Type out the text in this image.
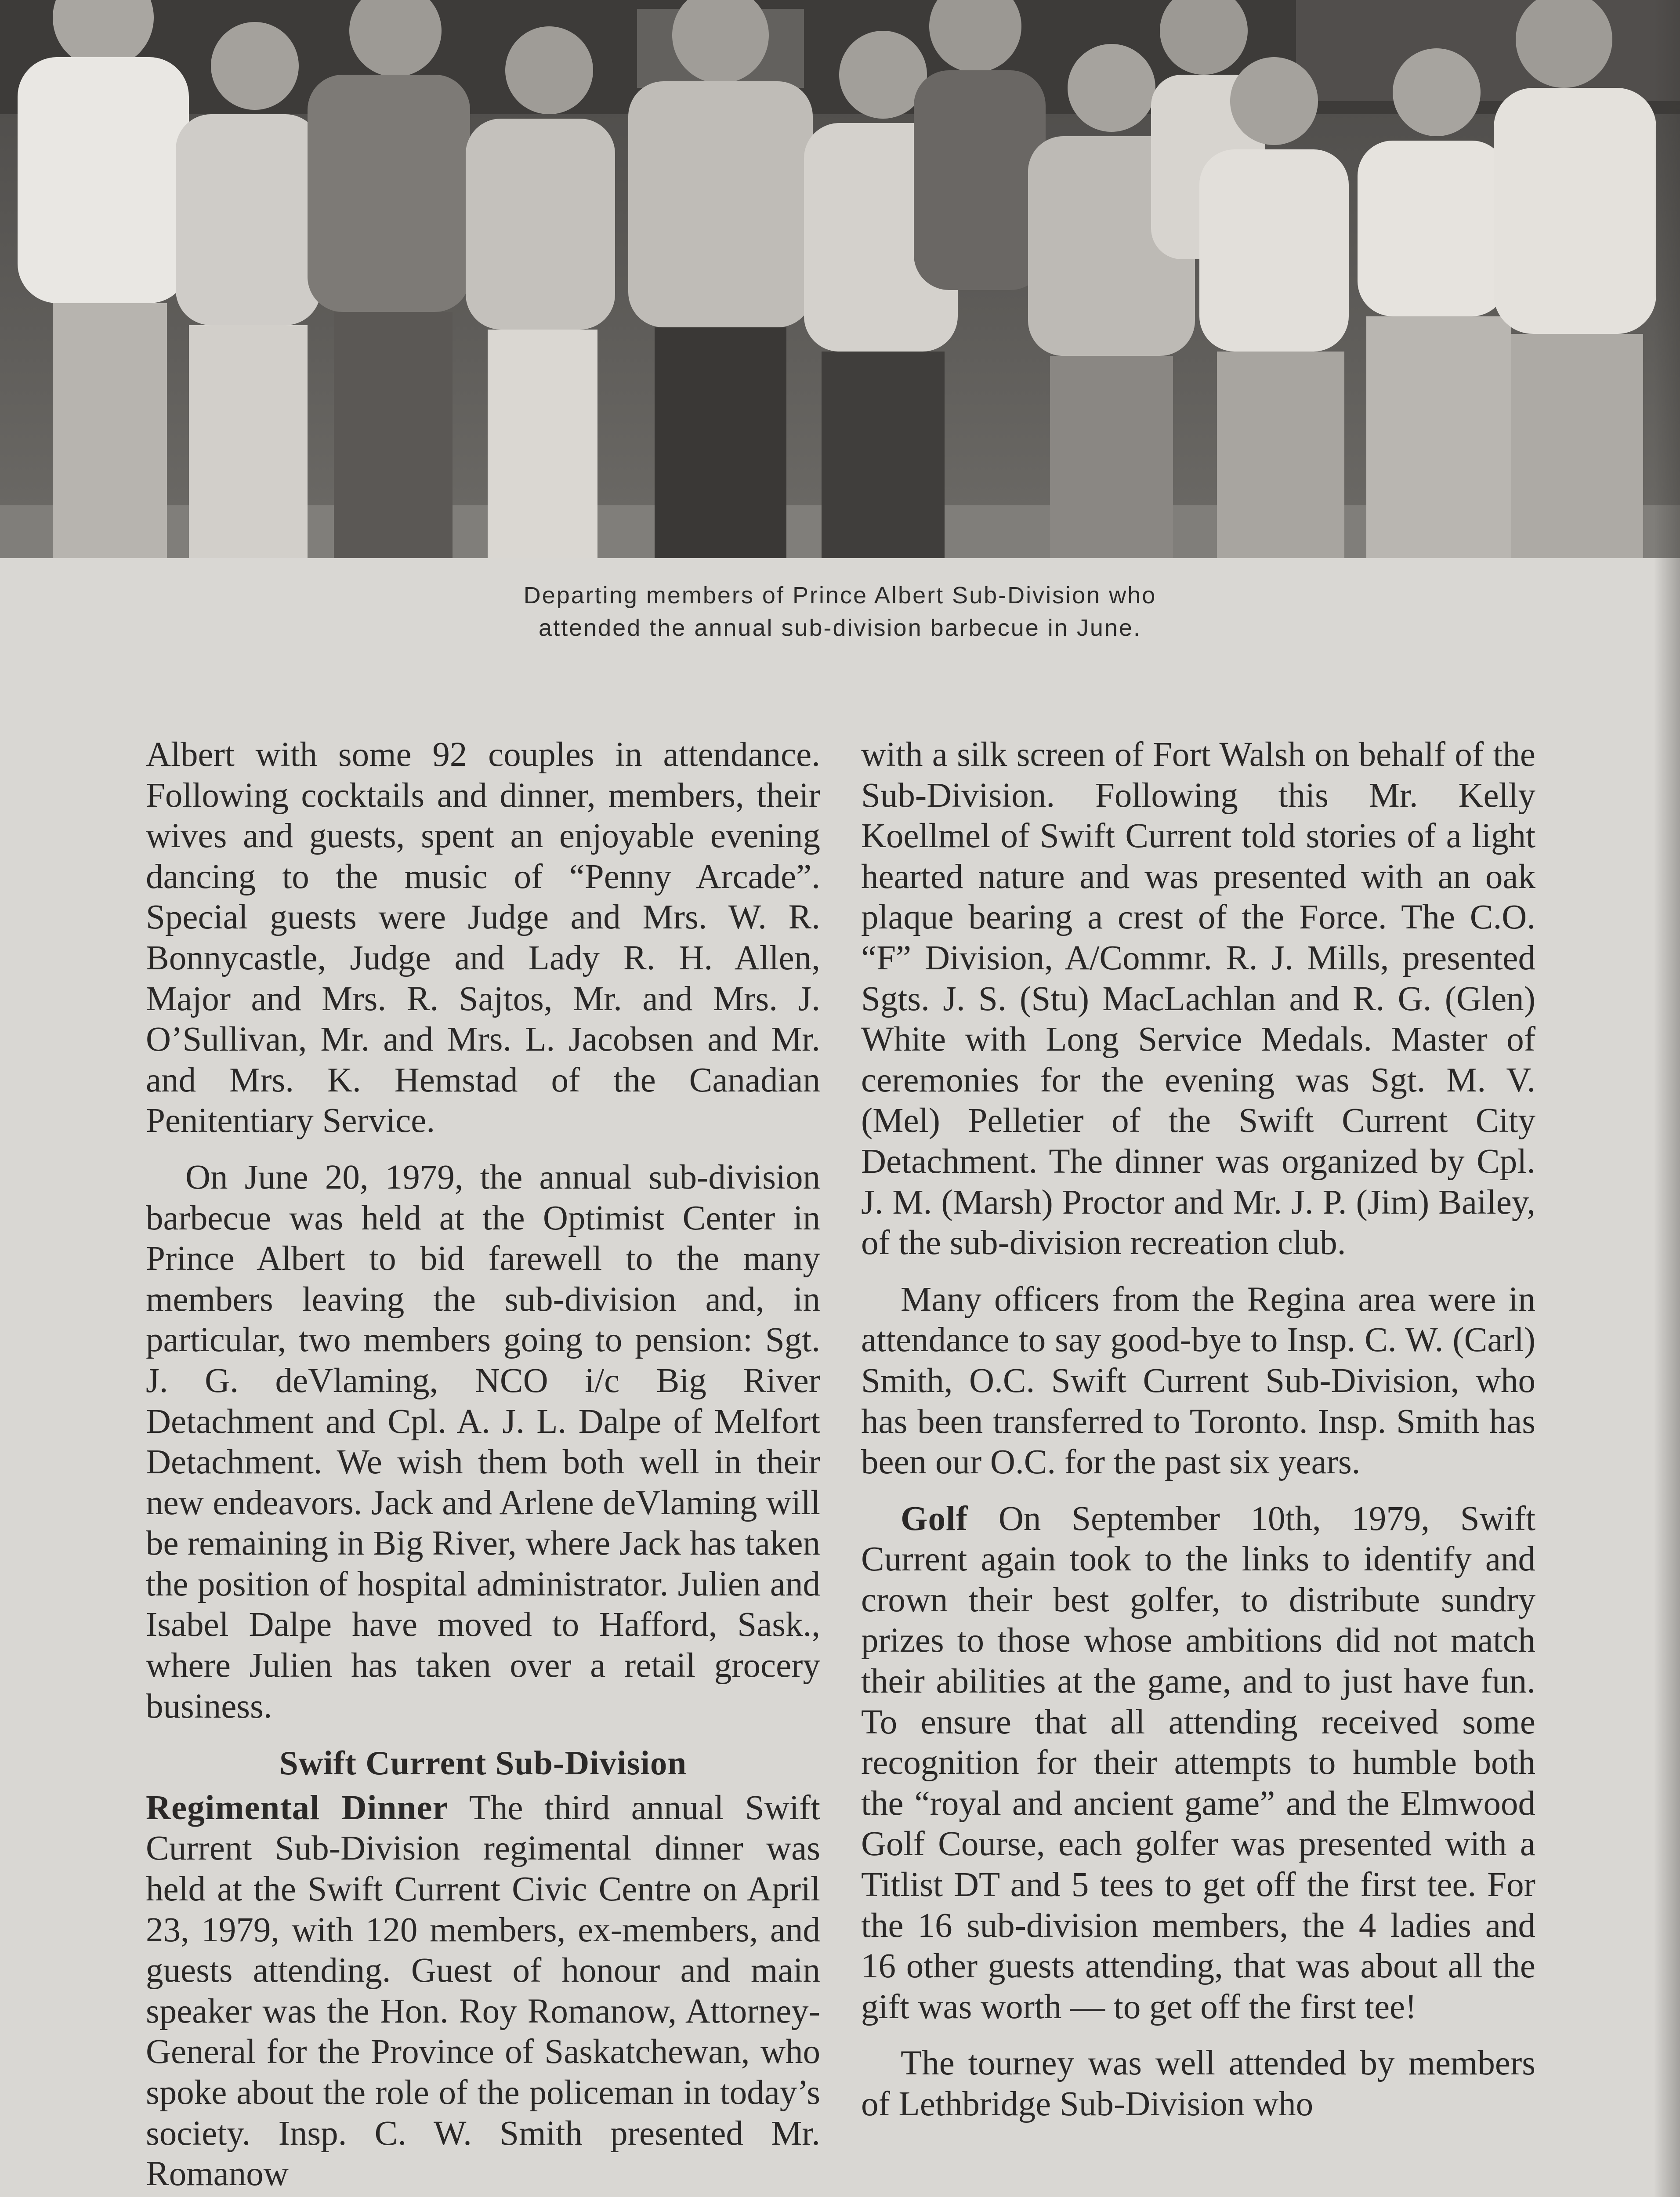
Departing members of Prince Albert Sub-Division who
attended the annual sub-division barbecue in June.

Albert with some 92 couples in attendance. Following cocktails and dinner, members, their wives and guests, spent an enjoyable evening dancing to the music of “Penny Arcade”. Special guests were Judge and Mrs. W. R. Bonnycastle, Judge and Lady R. H. Allen, Major and Mrs. R. Sajtos, Mr. and Mrs. J. O’Sullivan, Mr. and Mrs. L. Jacobsen and Mr. and Mrs. K. Hemstad of the Canadian Penitentiary Service.

On June 20, 1979, the annual sub-division barbecue was held at the Optimist Center in Prince Albert to bid farewell to the many members leaving the sub-division and, in particular, two members going to pension: Sgt. J. G. deVlaming, NCO i/c Big River Detachment and Cpl. A. J. L. Dalpe of Melfort Detachment. We wish them both well in their new endeavors. Jack and Arlene deVlaming will be remaining in Big River, where Jack has taken the position of hospital administrator. Julien and Isabel Dalpe have moved to Hafford, Sask., where Julien has taken over a retail grocery business.

Swift Current Sub-Division

Regimental Dinner The third annual Swift Current Sub-Division regimental dinner was held at the Swift Current Civic Centre on April 23, 1979, with 120 members, ex-members, and guests attending. Guest of honour and main speaker was the Hon. Roy Romanow, Attorney-General for the Province of Saskatchewan, who spoke about the role of the policeman in today’s society. Insp. C. W. Smith presented Mr. Romanow

with a silk screen of Fort Walsh on behalf of the Sub-Division. Following this Mr. Kelly Koellmel of Swift Current told stories of a light hearted nature and was presented with an oak plaque bearing a crest of the Force. The C.O. “F” Division, A/Commr. R. J. Mills, presented Sgts. J. S. (Stu) MacLachlan and R. G. (Glen) White with Long Service Medals. Master of ceremonies for the evening was Sgt. M. V. (Mel) Pelletier of the Swift Current City Detachment. The dinner was organized by Cpl. J. M. (Marsh) Proctor and Mr. J. P. (Jim) Bailey, of the sub-division recreation club.

Many officers from the Regina area were in attendance to say good-bye to Insp. C. W. (Carl) Smith, O.C. Swift Current Sub-Division, who has been transferred to Toronto. Insp. Smith has been our O.C. for the past six years.

Golf On September 10th, 1979, Swift Current again took to the links to identify and crown their best golfer, to distribute sundry prizes to those whose ambitions did not match their abilities at the game, and to just have fun. To ensure that all attending received some recognition for their attempts to humble both the “royal and ancient game” and the Elmwood Golf Course, each golfer was presented with a Titlist DT and 5 tees to get off the first tee. For the 16 sub-division members, the 4 ladies and 16 other guests attending, that was about all the gift was worth — to get off the first tee!

The tourney was well attended by members of Lethbridge Sub-Division who
